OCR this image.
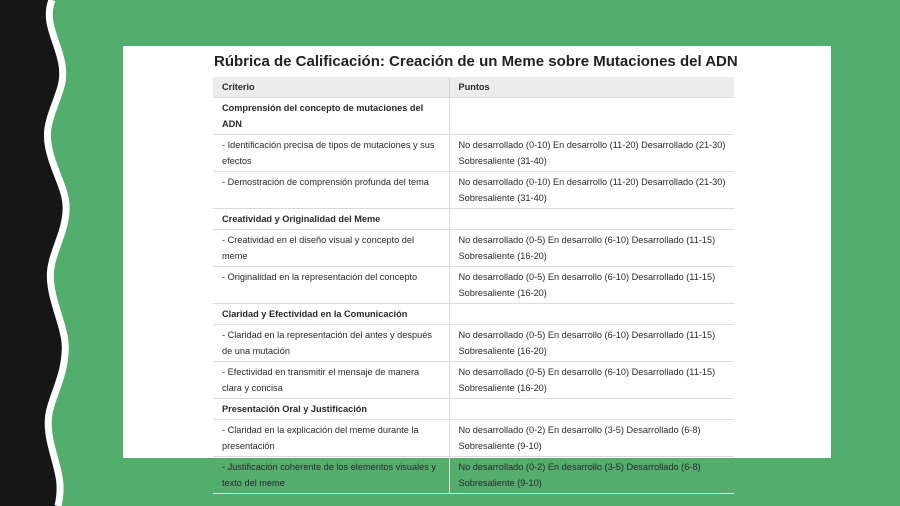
Rúbrica de Calificación: Creación de un Meme sobre Mutaciones del ADN
Criterio	Puntos
Comprensión del concepto de mutaciones del ADN	
- Identificación precisa de tipos de mutaciones y sus efectos	No desarrollado (0-10) En desarrollo (11-20) Desarrollado (21-30) Sobresaliente (31-40)
- Demostración de comprensión profunda del tema	No desarrollado (0-10) En desarrollo (11-20) Desarrollado (21-30) Sobresaliente (31-40)
Creatividad y Originalidad del Meme	
- Creatividad en el diseño visual y concepto del meme	No desarrollado (0-5) En desarrollo (6-10) Desarrollado (11-15) Sobresaliente (16-20)
- Originalidad en la representación del concepto	No desarrollado (0-5) En desarrollo (6-10) Desarrollado (11-15) Sobresaliente (16-20)
Claridad y Efectividad en la Comunicación	
- Claridad en la representación del antes y después de una mutación	No desarrollado (0-5) En desarrollo (6-10) Desarrollado (11-15) Sobresaliente (16-20)
- Efectividad en transmitir el mensaje de manera clara y concisa	No desarrollado (0-5) En desarrollo (6-10) Desarrollado (11-15) Sobresaliente (16-20)
Presentación Oral y Justificación	
- Claridad en la explicación del meme durante la presentación	No desarrollado (0-2) En desarrollo (3-5) Desarrollado (6-8) Sobresaliente (9-10)
- Justificación coherente de los elementos visuales y texto del meme	No desarrollado (0-2) En desarrollo (3-5) Desarrollado (6-8) Sobresaliente (9-10)
